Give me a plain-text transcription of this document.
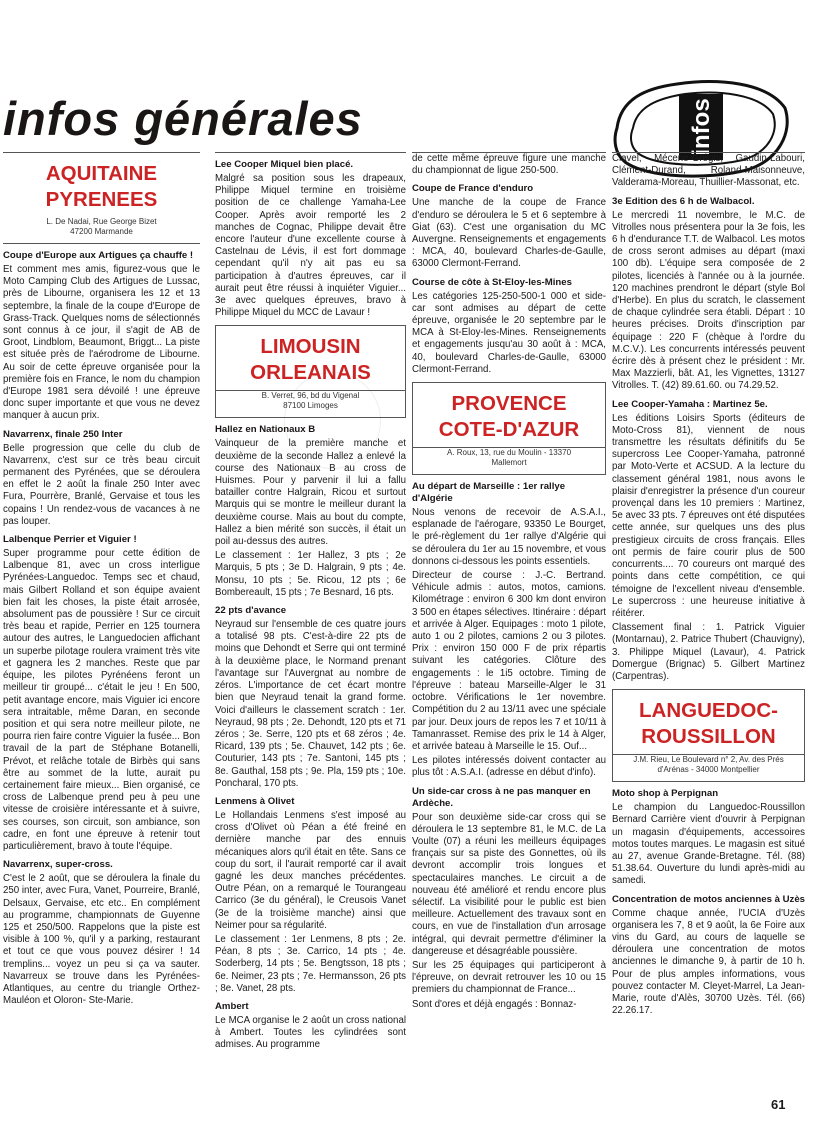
infos générales	infos
AQUITAINE
PYRENEES
L. De Nadai, Rue George Bizet
47200 Marmande
Coupe d'Europe aux Artigues ça chauffe !

Et comment mes amis, figurez-vous que le Moto Camping Club des Artigues de Lussac, près de Libourne, organisera les 12 et 13 septembre, la finale de la coupe d'Europe de Grass-Track. Quelques noms de sélectionnés sont connus à ce jour, il s'agit de AB de Groot, Lindblom, Beaumont, Briggt... La piste est située près de l'aérodrome de Libourne. Au soir de cette épreuve organisée pour la première fois en France, le nom du champion d'Europe 1981 sera dévoilé ! une épreuve donc super importante et que vous ne devez manquer à aucun prix.

Navarrenx, finale 250 Inter

Belle progression que celle du club de Navarrenx, c'est sur ce très beau circuit permanent des Pyrénées, que se déroulera en effet le 2 août la finale 250 Inter avec Fura, Pourrère, Branlé, Gervaise et tous les copains ! Un rendez-vous de vacances à ne pas louper.

Lalbenque Perrier et Viguier !

Super programme pour cette édition de Lalbenque 81, avec un cross interligue Pyrénées-Languedoc. Temps sec et chaud, mais Gilbert Rolland et son équipe avaient bien fait les choses, la piste était arrosée, absolument pas de poussière ! Sur ce circuit très beau et rapide, Perrier en 125 tournera autour des autres, le Languedocien affichant un superbe pilotage roulera vraiment très vite et gagnera les 2 manches. Reste que par équipe, les pilotes Pyrénéens feront un meilleur tir groupé... c'était le jeu ! En 500, petit avantage encore, mais Viguier ici encore sera intraitable, même Daran, en seconde position et qui sera notre meilleur pilote, ne pourra rien faire contre Viguier la fusée... Bon travail de la part de Stéphane Botanelli, Prévot, et relâche totale de Birbès qui sans être au sommet de la lutte, aurait pu certainement faire mieux... Bien organisé, ce cross de Lalbenque prend peu à peu une vitesse de croisière intéressante et à suivre, ses courses, son circuit, son ambiance, son cadre, en font une épreuve à retenir tout particulièrement, bravo à toute l'équipe.

Navarrenx, super-cross.

C'est le 2 août, que se déroulera la finale du 250 inter, avec Fura, Vanet, Pourreire, Branlé, Delsaux, Gervaise, etc etc.. En complément au programme, championnats de Guyenne 125 et 250/500. Rappelons que la piste est visible à 100 %, qu'il y a parking, restaurant et tout ce que vous pouvez désirer ! 14 tremplins... voyez un peu si ça va sauter. Navarreux se trouve dans les Pyrénées-Atlantiques, au centre du triangle Orthez-Mauléon et Oloron- Ste-Marie.

Lee Cooper Miquel bien placé.

Malgré sa position sous les drapeaux, Philippe Miquel termine en troisième position de ce challenge Yamaha-Lee Cooper. Après avoir remporté les 2 manches de Cognac, Philippe devait être encore l'auteur d'une excellente course à Castelnau de Lévis, il est fort dommage cependant qu'il n'y ait pas eu sa participation à d'autres épreuves, car il aurait peut être réussi à inquiéter Viguier... 3e avec quelques épreuves, bravo à Philippe Miquel du MCC de Lavaur !

LIMOUSIN
ORLEANAIS
B. Verret, 96, bd du Vigenal
87100 Limoges
Hallez en Nationaux B

Vainqueur de la première manche et deuxième de la seconde Hallez a enlevé la course des Nationaux B au cross de Huismes. Pour y parvenir il lui a fallu batailler contre Halgrain, Ricou et surtout Marquis qui se montre le meilleur durant la deuxième course. Mais au bout du compte, Hallez a bien mérité son succès, il était un poil au-dessus des autres.

Le classement : 1er Hallez, 3 pts ; 2e Marquis, 5 pts ; 3e D. Halgrain, 9 pts ; 4e. Monsu, 10 pts ; 5e. Ricou, 12 pts ; 6e Bombereault, 15 pts ; 7e Besnard, 16 pts.

22 pts d'avance

Neyraud sur l'ensemble de ces quatre jours a totalisé 98 pts. C'est-à-dire 22 pts de moins que Dehondt et Serre qui ont terminé à la deuxième place, le Normand prenant l'avantage sur l'Auvergnat au nombre de zéros. L'importance de cet écart montre bien que Neyraud tenait la grand forme. Voici d'ailleurs le classement scratch : 1er. Neyraud, 98 pts ; 2e. Dehondt, 120 pts et 71 zéros ; 3e. Serre, 120 pts et 68 zéros ; 4e. Ricard, 139 pts ; 5e. Chauvet, 142 pts ; 6e. Couturier, 143 pts ; 7e. Santoni, 145 pts ; 8e. Gauthal, 158 pts ; 9e. Pla, 159 pts ; 10e. Poncharal, 170 pts.

Lenmens à Olivet

Le Hollandais Lenmens s'est imposé au cross d'Olivet où Péan a été freiné en dernière manche par des ennuis mécaniques alors qu'il était en tête. Sans ce coup du sort, il l'aurait remporté car il avait gagné les deux manches précédentes. Outre Péan, on a remarqué le Tourangeau Carrico (3e du général), le Creusois Vanet (3e de la troisième manche) ainsi que Neimer pour sa régularité.

Le classement : 1er Lenmens, 8 pts ; 2e. Péan, 8 pts ; 3e. Carrico, 14 pts ; 4e. Soderberg, 14 pts ; 5e. Bengtsson, 18 pts ; 6e. Neimer, 23 pts ; 7e. Hermansson, 26 pts ; 8e. Vanet, 28 pts.

Ambert

Le MCA organise le 2 août un cross national à Ambert. Toutes les cylindrées sont admises. Au programme

de cette même épreuve figure une manche du championnat de ligue 250-500.

Coupe de France d'enduro

Une manche de la coupe de France d'enduro se déroulera le 5 et 6 septembre à Giat (63). C'est une organisation du MC Auvergne. Renseignements et engagements : MCA, 40, boulevard Charles-de-Gaulle, 63000 Clermont-Ferrand.

Course de côte à St-Eloy-les-Mines

Les catégories 125-250-500-1 000 et side-car sont admises au départ de cette épreuve, organisée le 20 septembre par le MCA à St-Eloy-les-Mines. Renseignements et engagements jusqu'au 30 août à : MCA, 40, boulevard Charles-de-Gaulle, 63000 Clermont-Ferrand.

PROVENCE
COTE-D'AZUR
A. Roux, 13, rue du Moulin - 13370
Mallemort
Au départ de Marseille : 1er rallye d'Algérie

Nous venons de recevoir de A.S.A.I., esplanade de l'aérogare, 93350 Le Bourget, le pré-règlement du 1er rallye d'Algérie qui se déroulera du 1er au 15 novembre, et vous donnons ci-dessous les points essentiels.

Directeur de course : J.-C. Bertrand. Véhicule admis : autos, motos, camions. Kilométrage : environ 6 300 km dont environ 3 500 en étapes sélectives. Itinéraire : départ et arrivée à Alger. Equipages : moto 1 pilote, auto 1 ou 2 pilotes, camions 2 ou 3 pilotes. Prix : environ 150 000 F de prix répartis suivant les catégories. Clôture des engagements : le 1i5 octobre. Timing de l'épreuve : bateau Marseille-Alger le 31 octobre. Vérifications le 1er novembre. Compétition du 2 au 13/11 avec une spéciale par jour. Deux jours de repos les 7 et 10/11 à Tamanrasset. Remise des prix le 14 à Alger, et arrivée bateau à Marseille le 15. Ouf...

Les pilotes intéressés doivent contacter au plus tôt : A.S.A.I. (adresse en début d'info).

Un side-car cross à ne pas manquer en Ardèche.

Pour son deuxième side-car cross qui se déroulera le 13 septembre 81, le M.C. de La Voulte (07) a réuni les meilleurs équipages français sur sa piste des Gonnettes, où ils devront accomplir trois longues et spectaculaires manches. Le circuit a de nouveau été amélioré et rendu encore plus sélectif. La visibilité pour le public est bien meilleure. Actuellement des travaux sont en cours, en vue de l'installation d'un arrosage intégral, qui devrait permettre d'éliminer la dangereuse et désagréable poussière.

Sur les 25 équipages qui participeront à l'épreuve, on devrait retrouver les 10 ou 15 premiers du championnat de France...

Sont d'ores et déjà engagés : Bonnaz-

Clavel, Mécene-Grégis, Gaudin-Labouri, Clément-Durand, Roland-Maisonneuve, Valderama-Moreau, Thuillier-Massonat, etc.

3e Edition des 6 h de Walbacol.

Le mercredi 11 novembre, le M.C. de Vitrolles nous présentera pour la 3e fois, les 6 h d'endurance T.T. de Walbacol. Les motos de cross seront admises au départ (maxi 100 db). L'équipe sera composée de 2 pilotes, licenciés à l'année ou à la journée. 120 machines prendront le départ (style Bol d'Herbe). En plus du scratch, le classement de chaque cylindrée sera établi. Départ : 10 heures précises. Droits d'inscription par équipage : 220 F (chèque à l'ordre du M.C.V.). Les concurrents intéressés peuvent écrire dès à présent chez le président : Mr. Max Mazzierli, bât. A1, les Vignettes, 13127 Vitrolles. T. (42) 89.61.60. ou 74.29.52.

Lee Cooper-Yamaha : Martinez 5e.

Les éditions Loisirs Sports (éditeurs de Moto-Cross 81), viennent de nous transmettre les résultats définitifs du 5e supercross Lee Cooper-Yamaha, patronné par Moto-Verte et ACSUD. A la lecture du classement général 1981, nous avons le plaisir d'enregistrer la présence d'un coureur provençal dans les 10 premiers : Martinez, 5e avec 33 pts. 7 épreuves ont été disputées cette année, sur quelques uns des plus prestigieux circuits de cross français. Elles ont permis de faire courir plus de 500 concurrents.... 70 coureurs ont marqué des points dans cette compétition, ce qui témoigne de l'excellent niveau d'ensemble. Le supercross : une heureuse initiative à réitérer.

Classement final : 1. Patrick Viguier (Montarnau), 2. Patrice Thubert (Chauvigny), 3. Philippe Miquel (Lavaur), 4. Patrick Domergue (Brignac) 5. Gilbert Martinez (Carpentras).

LANGUEDOC-
ROUSSILLON
J.M. Rieu, Le Boulevard n° 2, Av. des Prés
d'Arénas - 34000 Montpellier
Moto shop à Perpignan

Le champion du Languedoc-Roussillon Bernard Carrière vient d'ouvrir à Perpignan un magasin d'équipements, accessoires motos toutes marques. Le magasin est situé au 27, avenue Grande-Bretagne. Tél. (88) 51.38.64. Ouverture du lundi après-midi au samedi.

Concentration de motos anciennes à Uzès

Comme chaque année, l'UCIA d'Uzès organisera les 7, 8 et 9 août, la 6e Foire aux vins du Gard, au cours de laquelle se déroulera une concentration de motos anciennes le dimanche 9, à partir de 10 h. Pour de plus amples informations, vous pouvez contacter M. Cleyet-Marrel, La Jean-Marie, route d'Alès, 30700 Uzès. Tél. (66) 22.26.17.

61
